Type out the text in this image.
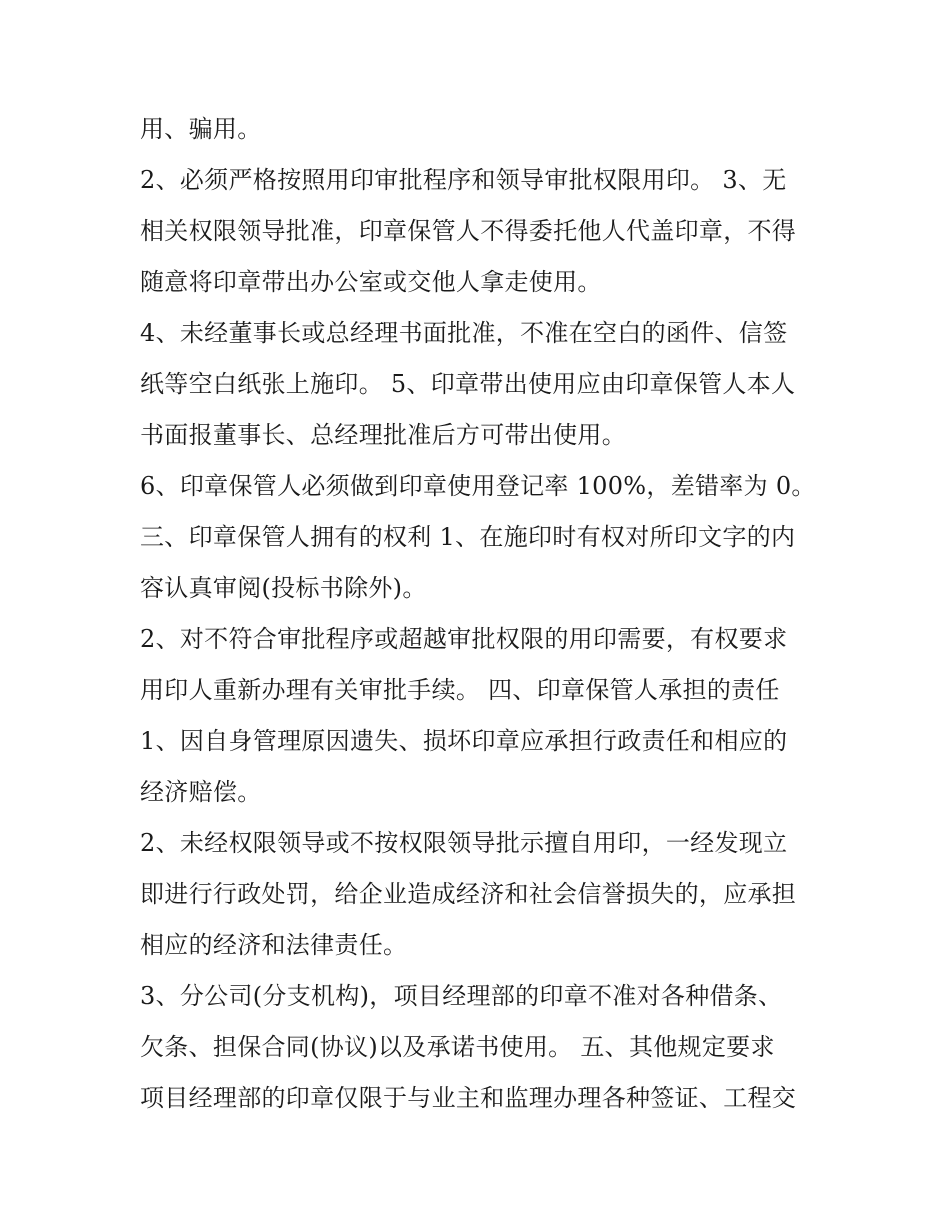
用、骗用。
2、必须严格按照用印审批程序和领导审批权限用印。 3、无
相关权限领导批准，印章保管人不得委托他人代盖印章，不得
随意将印章带出办公室或交他人拿走使用。
4、未经董事长或总经理书面批准，不准在空白的函件、信签
纸等空白纸张上施印。 5、印章带出使用应由印章保管人本人
书面报董事长、总经理批准后方可带出使用。
6、印章保管人必须做到印章使用登记率 100%，差错率为 0。
三、印章保管人拥有的权利 1、在施印时有权对所印文字的内
容认真审阅(投标书除外)。
2、对不符合审批程序或超越审批权限的用印需要，有权要求
用印人重新办理有关审批手续。 四、印章保管人承担的责任
1、因自身管理原因遗失、损坏印章应承担行政责任和相应的
经济赔偿。
2、未经权限领导或不按权限领导批示擅自用印，一经发现立
即进行行政处罚，给企业造成经济和社会信誉损失的，应承担
相应的经济和法律责任。
3、分公司(分支机构)，项目经理部的印章不准对各种借条、
欠条、担保合同(协议)以及承诺书使用。 五、其他规定要求
项目经理部的印章仅限于与业主和监理办理各种签证、工程交
